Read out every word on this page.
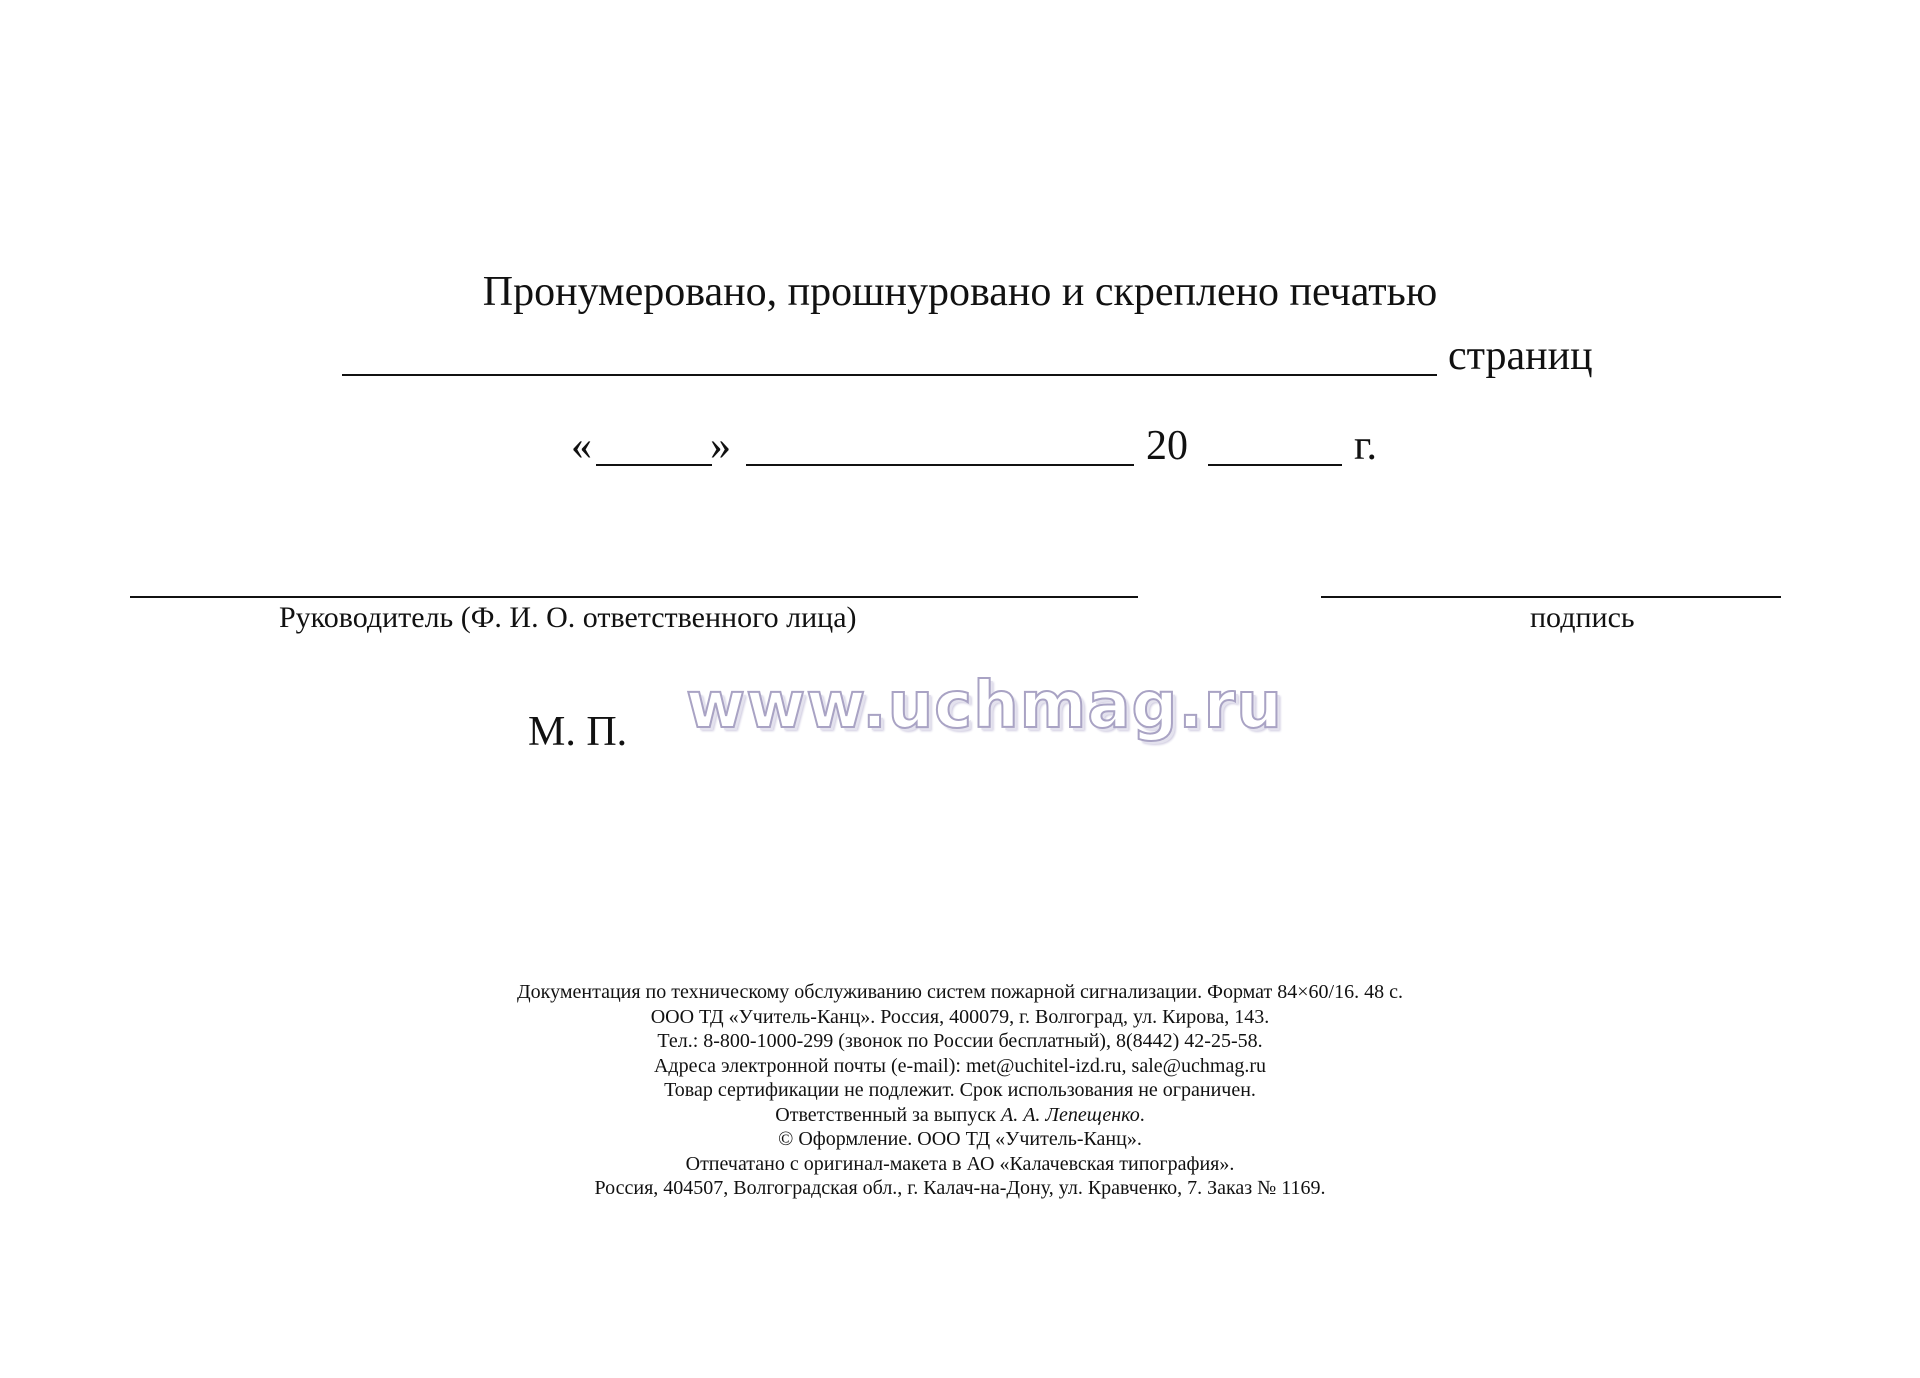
Пронумеровано, прошнуровано и скреплено печатью
страниц
«	»	20	г.
Руководитель (Ф. И. О. ответственного лица)	подпись
М. П. www.uchmag.ru
Документация по техническому обслуживанию систем пожарной сигнализации. Формат 84×60/16. 48 с.
ООО ТД «Учитель-Канц». Россия, 400079, г. Волгоград, ул. Кирова, 143.
Тел.: 8-800-1000-299 (звонок по России бесплатный), 8(8442) 42-25-58.
Адреса электронной почты (e-mail): met@uchitel-izd.ru, sale@uchmag.ru
Товар сертификации не подлежит. Срок использования не ограничен.
Ответственный за выпуск А. А. Лепещенко.
© Оформление. ООО ТД «Учитель-Канц».
Отпечатано с оригинал-макета в АО «Калачевская типография».
Россия, 404507, Волгоградская обл., г. Калач-на-Дону, ул. Кравченко, 7. Заказ № 1169.
